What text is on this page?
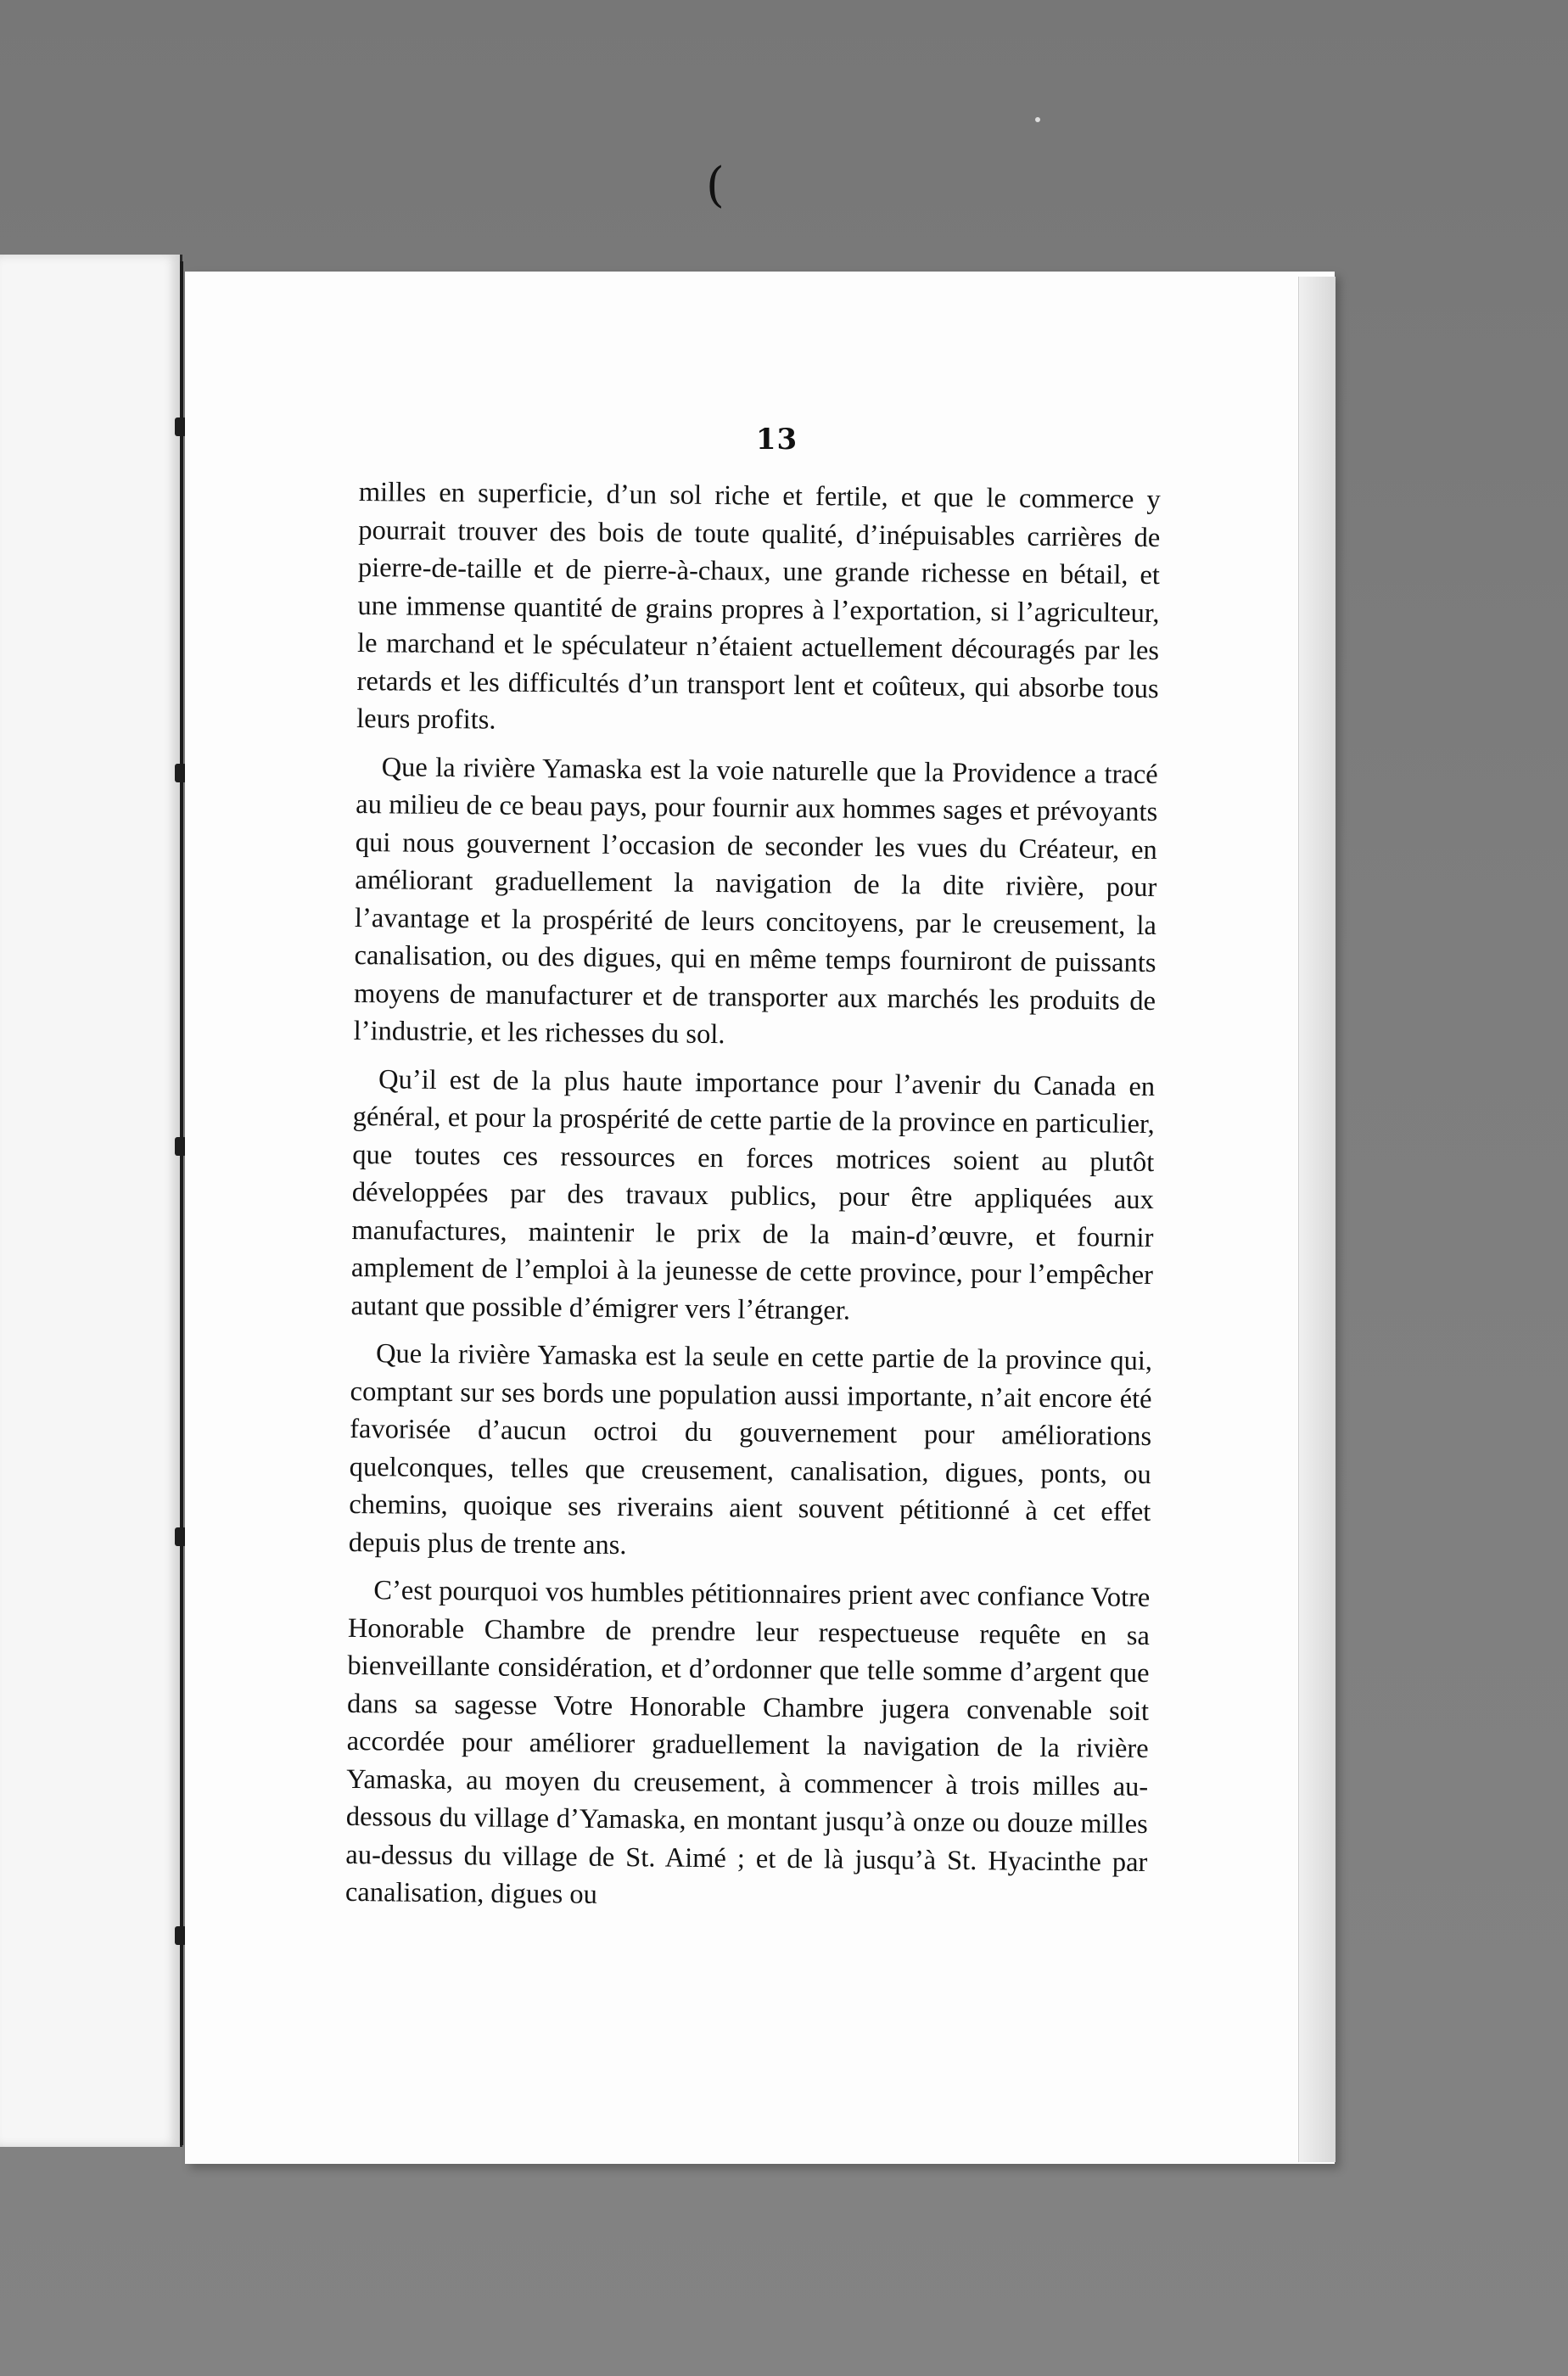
(
13

milles en superficie, d’un sol riche et fertile, et que le commerce y pourrait trouver des bois de toute qualité, d’inépuisables carrières de pierre-de-taille et de pierre-à-chaux, une grande richesse en bétail, et une immense quantité de grains propres à l’exportation, si l’agriculteur, le marchand et le spéculateur n’étaient actuellement découragés par les retards et les difficultés d’un transport lent et coûteux, qui absorbe tous leurs profits.

Que la rivière Yamaska est la voie naturelle que la Providence a tracé au milieu de ce beau pays, pour fournir aux hommes sages et prévoyants qui nous gouvernent l’occasion de seconder les vues du Créateur, en améliorant graduellement la navigation de la dite rivière, pour l’avantage et la prospérité de leurs concitoyens, par le creusement, la canalisation, ou des digues, qui en même temps fourniront de puissants moyens de manufacturer et de transporter aux marchés les produits de l’industrie, et les richesses du sol.

Qu’il est de la plus haute importance pour l’avenir du Canada en général, et pour la prospérité de cette partie de la province en particulier, que toutes ces ressources en forces motrices soient au plutôt développées par des travaux publics, pour être appliquées aux manufactures, maintenir le prix de la main-d’œuvre, et fournir amplement de l’emploi à la jeunesse de cette province, pour l’empêcher autant que possible d’émigrer vers l’étranger.

Que la rivière Yamaska est la seule en cette partie de la province qui, comptant sur ses bords une population aussi importante, n’ait encore été favorisée d’aucun octroi du gouvernement pour améliorations quelconques, telles que creusement, canalisation, digues, ponts, ou chemins, quoique ses riverains aient souvent pétitionné à cet effet depuis plus de trente ans.

C’est pourquoi vos humbles pétitionnaires prient avec confiance Votre Honorable Chambre de prendre leur respectueuse requête en sa bienveillante considération, et d’ordonner que telle somme d’argent que dans sa sagesse Votre Honorable Chambre jugera convenable soit accordée pour améliorer graduellement la navigation de la rivière Yamaska, au moyen du creusement, à commencer à trois milles au-dessous du village d’Yamaska, en montant jusqu’à onze ou douze milles au-dessus du village de St. Aimé ; et de là jusqu’à St. Hyacinthe par canalisation, digues ou
